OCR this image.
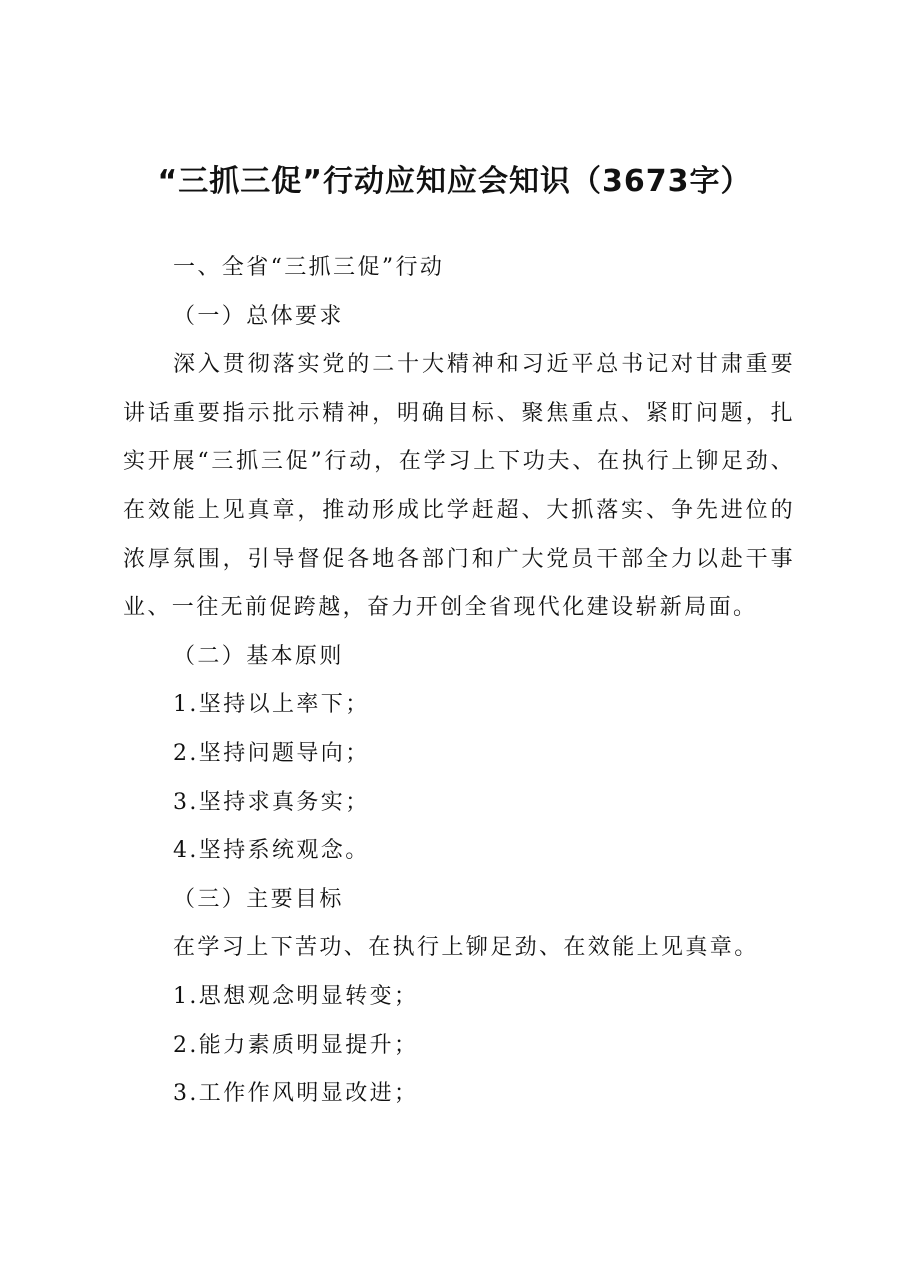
“三抓三促”行动应知应会知识（3673字）

一、全省“三抓三促”行动

（一）总体要求

深入贯彻落实党的二十大精神和习近平总书记对甘肃重要讲话重要指示批示精神，明确目标、聚焦重点、紧盯问题，扎实开展“三抓三促”行动，在学习上下功夫、在执行上铆足劲、在效能上见真章，推动形成比学赶超、大抓落实、争先进位的浓厚氛围，引导督促各地各部门和广大党员干部全力以赴干事业、一往无前促跨越，奋力开创全省现代化建设崭新局面。

（二）基本原则

1.坚持以上率下；

2.坚持问题导向；

3.坚持求真务实；

4.坚持系统观念。

（三）主要目标

在学习上下苦功、在执行上铆足劲、在效能上见真章。

1.思想观念明显转变；

2.能力素质明显提升；

3.工作作风明显改进；
